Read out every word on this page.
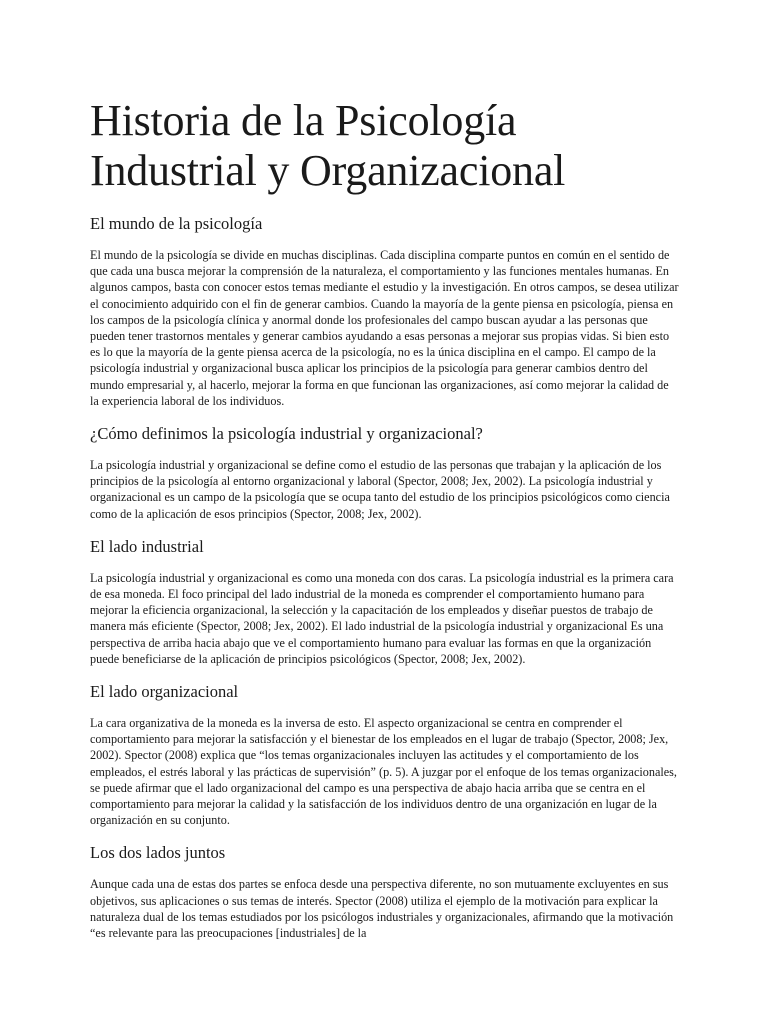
Historia de la Psicología Industrial y Organizacional
El mundo de la psicología

El mundo de la psicología se divide en muchas disciplinas. Cada disciplina comparte puntos en común en el sentido de que cada una busca mejorar la comprensión de la naturaleza, el comportamiento y las funciones mentales humanas. En algunos campos, basta con conocer estos temas mediante el estudio y la investigación. En otros campos, se desea utilizar el conocimiento adquirido con el fin de generar cambios. Cuando la mayoría de la gente piensa en psicología, piensa en los campos de la psicología clínica y anormal donde los profesionales del campo buscan ayudar a las personas que pueden tener trastornos mentales y generar cambios ayudando a esas personas a mejorar sus propias vidas. Si bien esto es lo que la mayoría de la gente piensa acerca de la psicología, no es la única disciplina en el campo. El campo de la psicología industrial y organizacional busca aplicar los principios de la psicología para generar cambios dentro del mundo empresarial y, al hacerlo, mejorar la forma en que funcionan las organizaciones, así como mejorar la calidad de la experiencia laboral de los individuos.

¿Cómo definimos la psicología industrial y organizacional?

La psicología industrial y organizacional se define como el estudio de las personas que trabajan y la aplicación de los principios de la psicología al entorno organizacional y laboral (Spector, 2008; Jex, 2002). La psicología industrial y organizacional es un campo de la psicología que se ocupa tanto del estudio de los principios psicológicos como ciencia como de la aplicación de esos principios (Spector, 2008; Jex, 2002).

El lado industrial

La psicología industrial y organizacional es como una moneda con dos caras. La psicología industrial es la primera cara de esa moneda. El foco principal del lado industrial de la moneda es comprender el comportamiento humano para mejorar la eficiencia organizacional, la selección y la capacitación de los empleados y diseñar puestos de trabajo de manera más eficiente (Spector, 2008; Jex, 2002). El lado industrial de la psicología industrial y organizacional Es una perspectiva de arriba hacia abajo que ve el comportamiento humano para evaluar las formas en que la organización puede beneficiarse de la aplicación de principios psicológicos (Spector, 2008; Jex, 2002).

El lado organizacional

La cara organizativa de la moneda es la inversa de esto. El aspecto organizacional se centra en comprender el comportamiento para mejorar la satisfacción y el bienestar de los empleados en el lugar de trabajo (Spector, 2008; Jex, 2002). Spector (2008) explica que “los temas organizacionales incluyen las actitudes y el comportamiento de los empleados, el estrés laboral y las prácticas de supervisión” (p. 5). A juzgar por el enfoque de los temas organizacionales, se puede afirmar que el lado organizacional del campo es una perspectiva de abajo hacia arriba que se centra en el comportamiento para mejorar la calidad y la satisfacción de los individuos dentro de una organización en lugar de la organización en su conjunto.

Los dos lados juntos

Aunque cada una de estas dos partes se enfoca desde una perspectiva diferente, no son mutuamente excluyentes en sus objetivos, sus aplicaciones o sus temas de interés. Spector (2008) utiliza el ejemplo de la motivación para explicar la naturaleza dual de los temas estudiados por los psicólogos industriales y organizacionales, afirmando que la motivación “es relevante para las preocupaciones [industriales] de la
